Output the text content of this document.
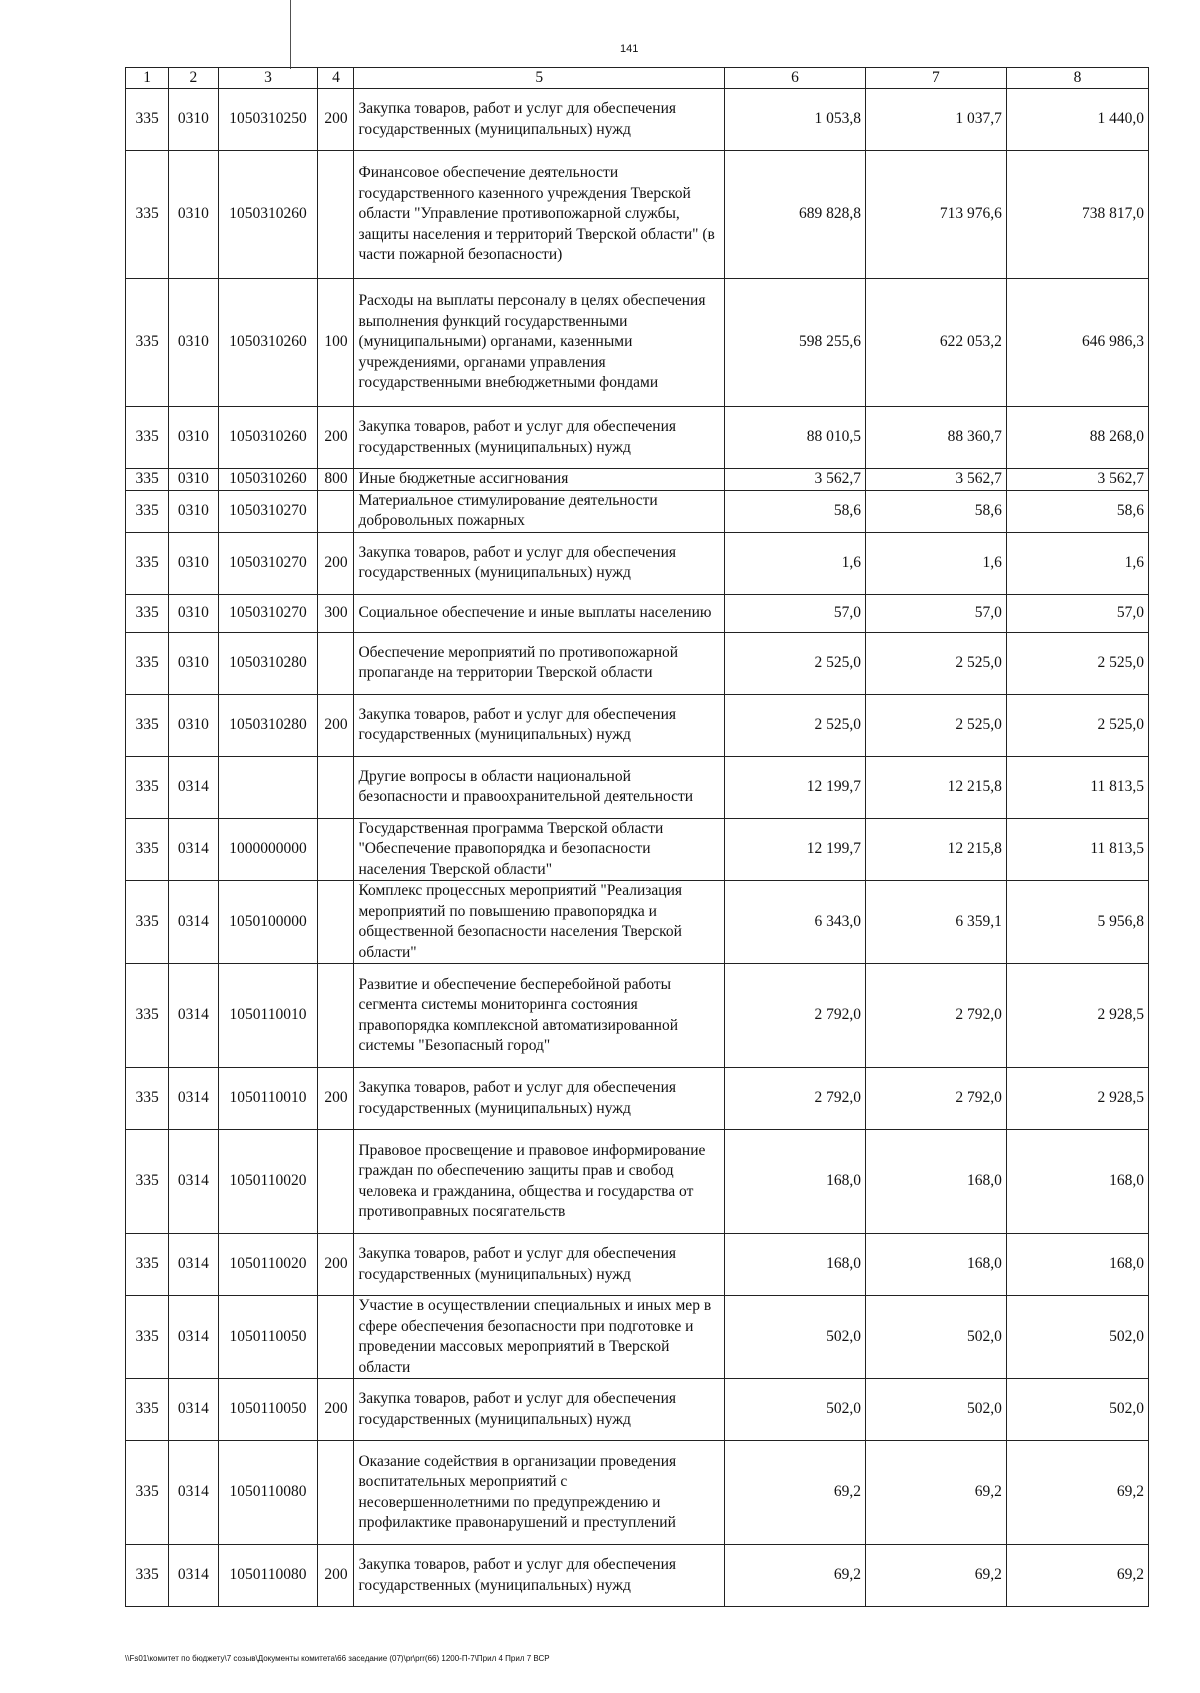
141
1	2	3	4	5	6	7	8
335	0310	1050310250	200	Закупка товаров, работ и услуг для обеспечения государственных (муниципальных) нужд	1 053,8	1 037,7	1 440,0
335	0310	1050310260		Финансовое обеспечение деятельности государственного казенного учреждения Тверской области "Управление противопожарной службы, защиты населения и территорий Тверской области" (в части пожарной безопасности)	689 828,8	713 976,6	738 817,0
335	0310	1050310260	100	Расходы на выплаты персоналу в целях обеспечения выполнения функций государственными (муниципальными) органами, казенными учреждениями, органами управления государственными внебюджетными фондами	598 255,6	622 053,2	646 986,3
335	0310	1050310260	200	Закупка товаров, работ и услуг для обеспечения государственных (муниципальных) нужд	88 010,5	88 360,7	88 268,0
335	0310	1050310260	800	Иные бюджетные ассигнования	3 562,7	3 562,7	3 562,7
335	0310	1050310270		Материальное стимулирование деятельности добровольных пожарных	58,6	58,6	58,6
335	0310	1050310270	200	Закупка товаров, работ и услуг для обеспечения государственных (муниципальных) нужд	1,6	1,6	1,6
335	0310	1050310270	300	Социальное обеспечение и иные выплаты населению	57,0	57,0	57,0
335	0310	1050310280		Обеспечение мероприятий по противопожарной пропаганде на территории Тверской области	2 525,0	2 525,0	2 525,0
335	0310	1050310280	200	Закупка товаров, работ и услуг для обеспечения государственных (муниципальных) нужд	2 525,0	2 525,0	2 525,0
335	0314			Другие вопросы в области национальной безопасности и правоохранительной деятельности	12 199,7	12 215,8	11 813,5
335	0314	1000000000		Государственная программа Тверской области "Обеспечение правопорядка и безопасности населения Тверской области"	12 199,7	12 215,8	11 813,5
335	0314	1050100000		Комплекс процессных мероприятий "Реализация мероприятий по повышению правопорядка и общественной безопасности населения Тверской области"	6 343,0	6 359,1	5 956,8
335	0314	1050110010		Развитие и обеспечение бесперебойной работы сегмента системы мониторинга состояния правопорядка комплексной автоматизированной системы "Безопасный город"	2 792,0	2 792,0	2 928,5
335	0314	1050110010	200	Закупка товаров, работ и услуг для обеспечения государственных (муниципальных) нужд	2 792,0	2 792,0	2 928,5
335	0314	1050110020		Правовое просвещение и правовое информирование граждан по обеспечению защиты прав и свобод человека и гражданина, общества и государства от противоправных посягательств	168,0	168,0	168,0
335	0314	1050110020	200	Закупка товаров, работ и услуг для обеспечения государственных (муниципальных) нужд	168,0	168,0	168,0
335	0314	1050110050		Участие в осуществлении специальных и иных мер в сфере обеспечения безопасности при подготовке и проведении массовых мероприятий в Тверской области	502,0	502,0	502,0
335	0314	1050110050	200	Закупка товаров, работ и услуг для обеспечения государственных (муниципальных) нужд	502,0	502,0	502,0
335	0314	1050110080		Оказание содействия в организации проведения воспитательных мероприятий с несовершеннолетними по предупреждению и профилактике правонарушений и преступлений	69,2	69,2	69,2
335	0314	1050110080	200	Закупка товаров, работ и услуг для обеспечения государственных (муниципальных) нужд	69,2	69,2	69,2
\\Fs01\комитет по бюджету\7 созыв\Документы комитета\66 заседание (07)\pr\prr(66) 1200-П-7\Прил 4 Прил 7 ВСР
